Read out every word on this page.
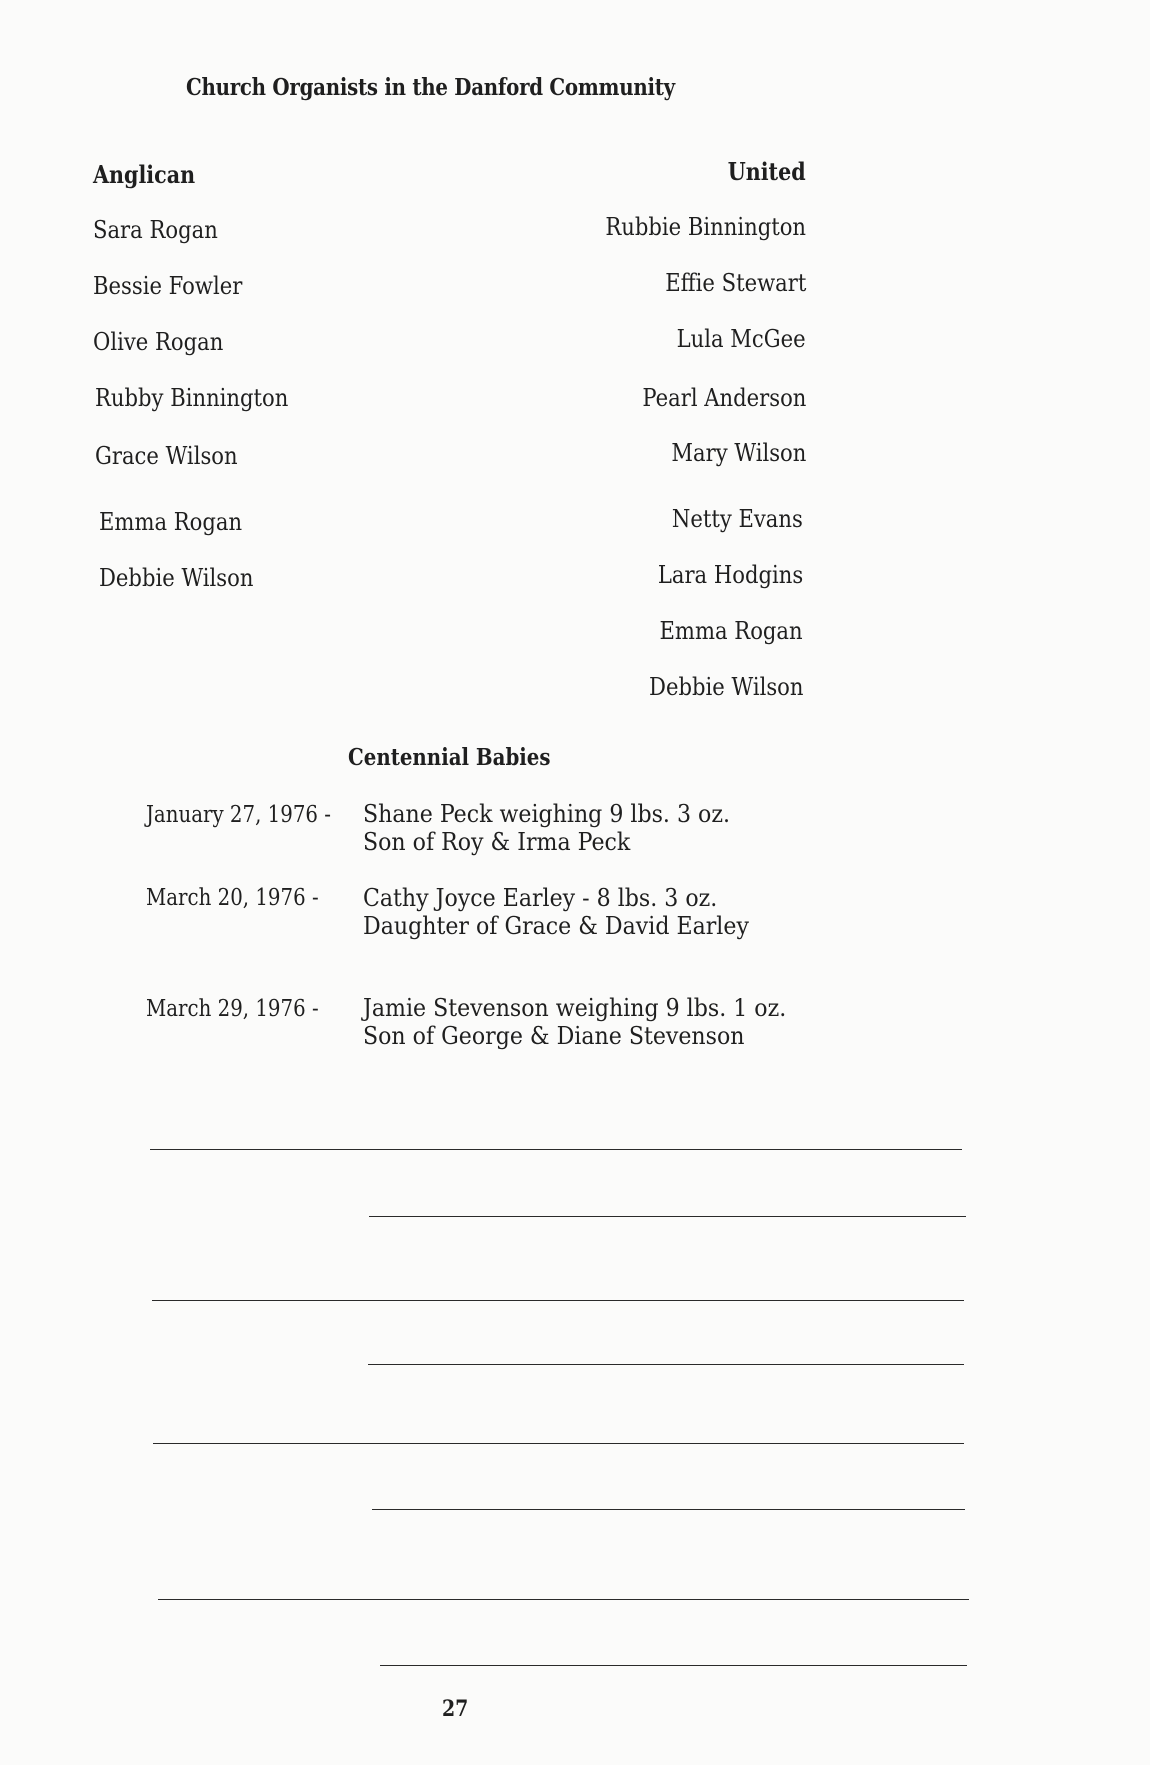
Church Organists in the Danford Community
Anglican
Sara Rogan
Bessie Fowler
Olive Rogan
Rubby Binnington
Grace Wilson
Emma Rogan
Debbie Wilson
United
Rubbie Binnington
Effie Stewart
Lula McGee
Pearl Anderson
Mary Wilson
Netty Evans
Lara Hodgins
Emma Rogan
Debbie Wilson
Centennial Babies
January 27, 1976 - Shane Peck weighing 9 lbs. 3 oz.
Son of Roy & Irma Peck
March 20, 1976 - Cathy Joyce Earley - 8 lbs. 3 oz.
Daughter of Grace & David Earley
March 29, 1976 - Jamie Stevenson weighing 9 lbs. 1 oz.
Son of George & Diane Stevenson
27
